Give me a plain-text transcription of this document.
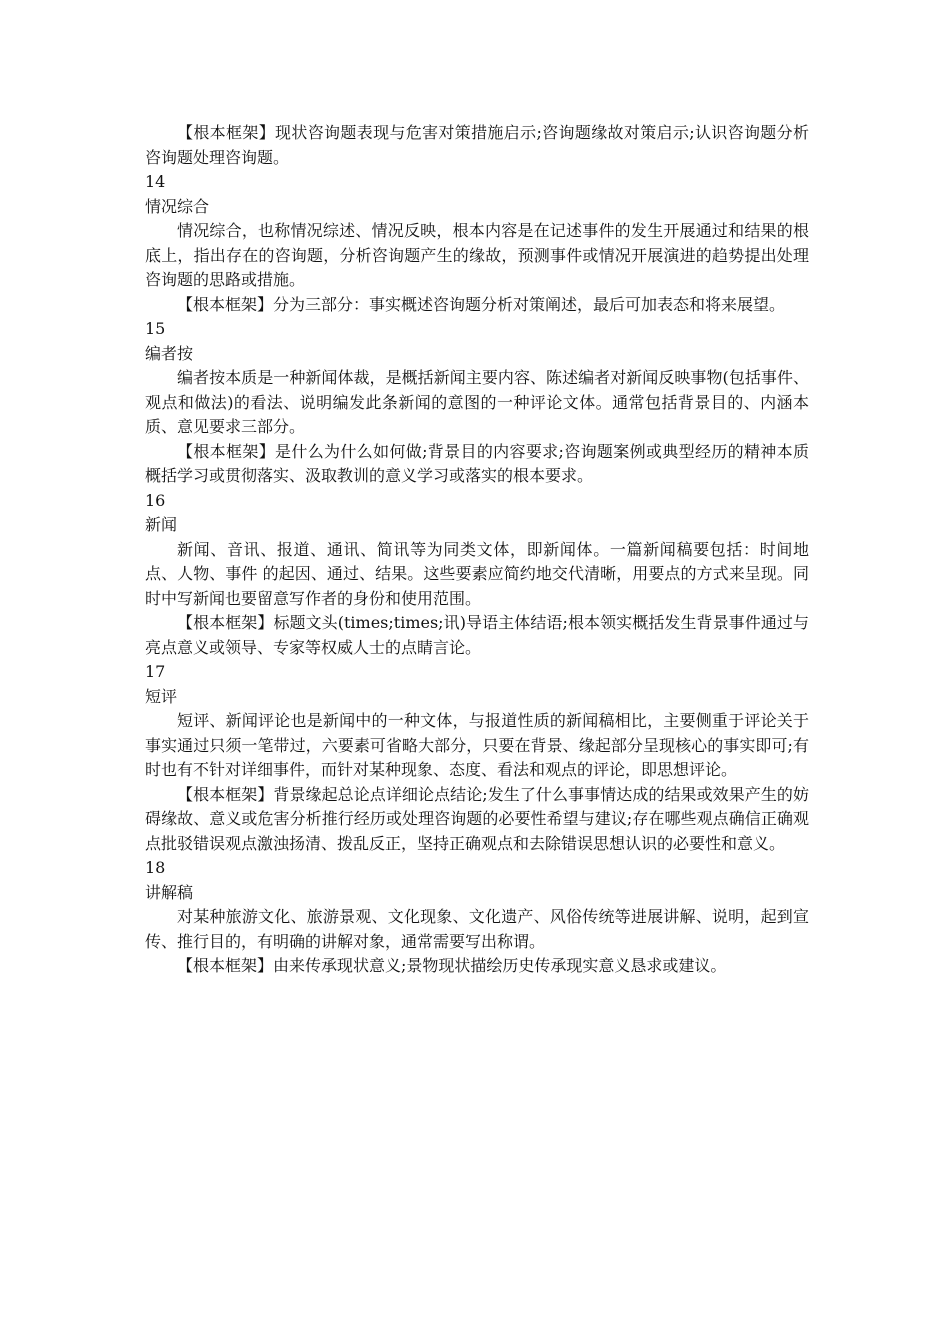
【根本框架】现状咨询题表现与危害对策措施启示;咨询题缘故对策启示;认识咨询题分析咨询题处理咨询题。

14

情况综合

情况综合，也称情况综述、情况反映，根本内容是在记述事件的发生开展通过和结果的根底上，指出存在的咨询题，分析咨询题产生的缘故，预测事件或情况开展演进的趋势提出处理咨询题的思路或措施。

【根本框架】分为三部分：事实概述咨询题分析对策阐述，最后可加表态和将来展望。

15

编者按

编者按本质是一种新闻体裁，是概括新闻主要内容、陈述编者对新闻反映事物(包括事件、观点和做法)的看法、说明编发此条新闻的意图的一种评论文体。通常包括背景目的、内涵本质、意见要求三部分。

【根本框架】是什么为什么如何做;背景目的内容要求;咨询题案例或典型经历的精神本质概括学习或贯彻落实、汲取教训的意义学习或落实的根本要求。

16

新闻

新闻、音讯、报道、通讯、简讯等为同类文体，即新闻体。一篇新闻稿要包括：时间地点、人物、事件 的起因、通过、结果。这些要素应简约地交代清晰，用要点的方式来呈现。同时中写新闻也要留意写作者的身份和使用范围。

【根本框架】标题文头(times;times;讯)导语主体结语;根本领实概括发生背景事件通过与亮点意义或领导、专家等权威人士的点睛言论。

17

短评

短评、新闻评论也是新闻中的一种文体，与报道性质的新闻稿相比，主要侧重于评论关于事实通过只须一笔带过，六要素可省略大部分，只要在背景、缘起部分呈现核心的事实即可;有时也有不针对详细事件，而针对某种现象、态度、看法和观点的评论，即思想评论。

【根本框架】背景缘起总论点详细论点结论;发生了什么事事情达成的结果或效果产生的妨碍缘故、意义或危害分析推行经历或处理咨询题的必要性希望与建议;存在哪些观点确信正确观点批驳错误观点激浊扬清、拨乱反正，坚持正确观点和去除错误思想认识的必要性和意义。

18

讲解稿

对某种旅游文化、旅游景观、文化现象、文化遗产、风俗传统等进展讲解、说明，起到宣传、推行目的，有明确的讲解对象，通常需要写出称谓。

【根本框架】由来传承现状意义;景物现状描绘历史传承现实意义恳求或建议。
